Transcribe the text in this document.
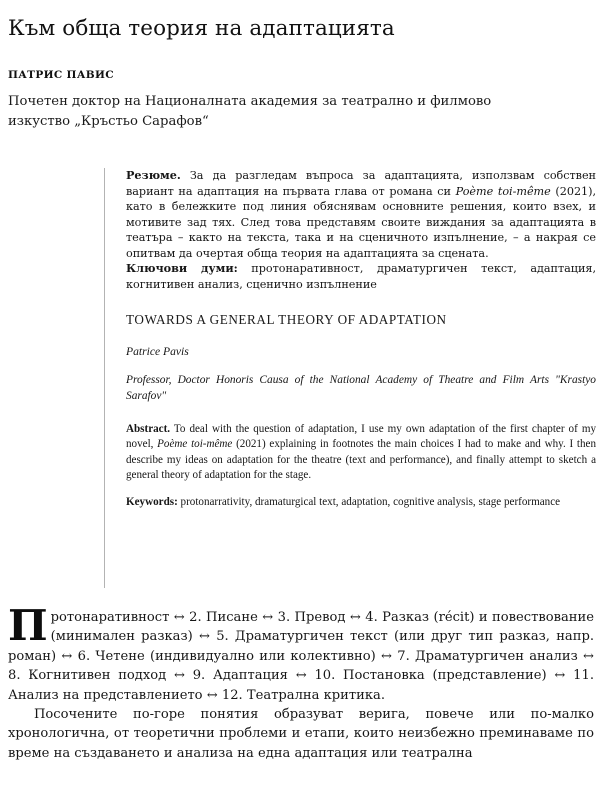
Към обща теория на адаптацията
ПАТРИС ПАВИС
Почетен доктор на Националната академия за театрално и филмово изкуство „Кръстьо Сарафов“

Резюме. За да разгледам въпроса за адаптацията, използвам собствен вариант на адаптация на първата глава от романа си Poème toi-même (2021), като в бележките под линия обяснявам основните решения, които взех, и мотивите зад тях. След това представям своите виждания за адаптацията в театъра – както на текста, така и на сценичното изпълнение, – а накрая се опитвам да очертая обща теория на адаптацията за сцената.

Ключови думи: протонаративност, драматургичен текст, адаптация, когнитивен анализ, сценично изпълнение

TOWARDS A GENERAL THEORY OF ADAPTATION
Patrice Pavis
Professor, Doctor Honoris Causa of the National Academy of Theatre and Film Arts "Krastyo Sarafov"

Abstract. To deal with the question of adaptation, I use my own adaptation of the first chapter of my novel, Poème toi-même (2021) explaining in footnotes the main choices I had to make and why. I then describe my ideas on adaptation for the theatre (text and performance), and finally attempt to sketch a general theory of adaptation for the stage.

Keywords: protonarrativity, dramaturgical text, adaptation, cognitive analysis, stage performance

Протонаративност ↔ 2. Писане ↔ 3. Превод ↔ 4. Разказ (récit) и повествование (минимален разказ) ↔ 5. Драматургичен текст (или друг тип разказ, напр. роман) ↔ 6. Четене (индивидуално или колективно) ↔ 7. Драматургичен анализ ↔ 8. Когнитивен подход ↔ 9. Адаптация ↔ 10. Постановка (представление) ↔ 11. Анализ на представлението ↔ 12. Театрална критика.

Посочените по-горе понятия образуват верига, повече или по-малко хронологична, от теоретични проблеми и етапи, които неизбежно преминаваме по време на създаването и анализа на една адаптация или театрална
